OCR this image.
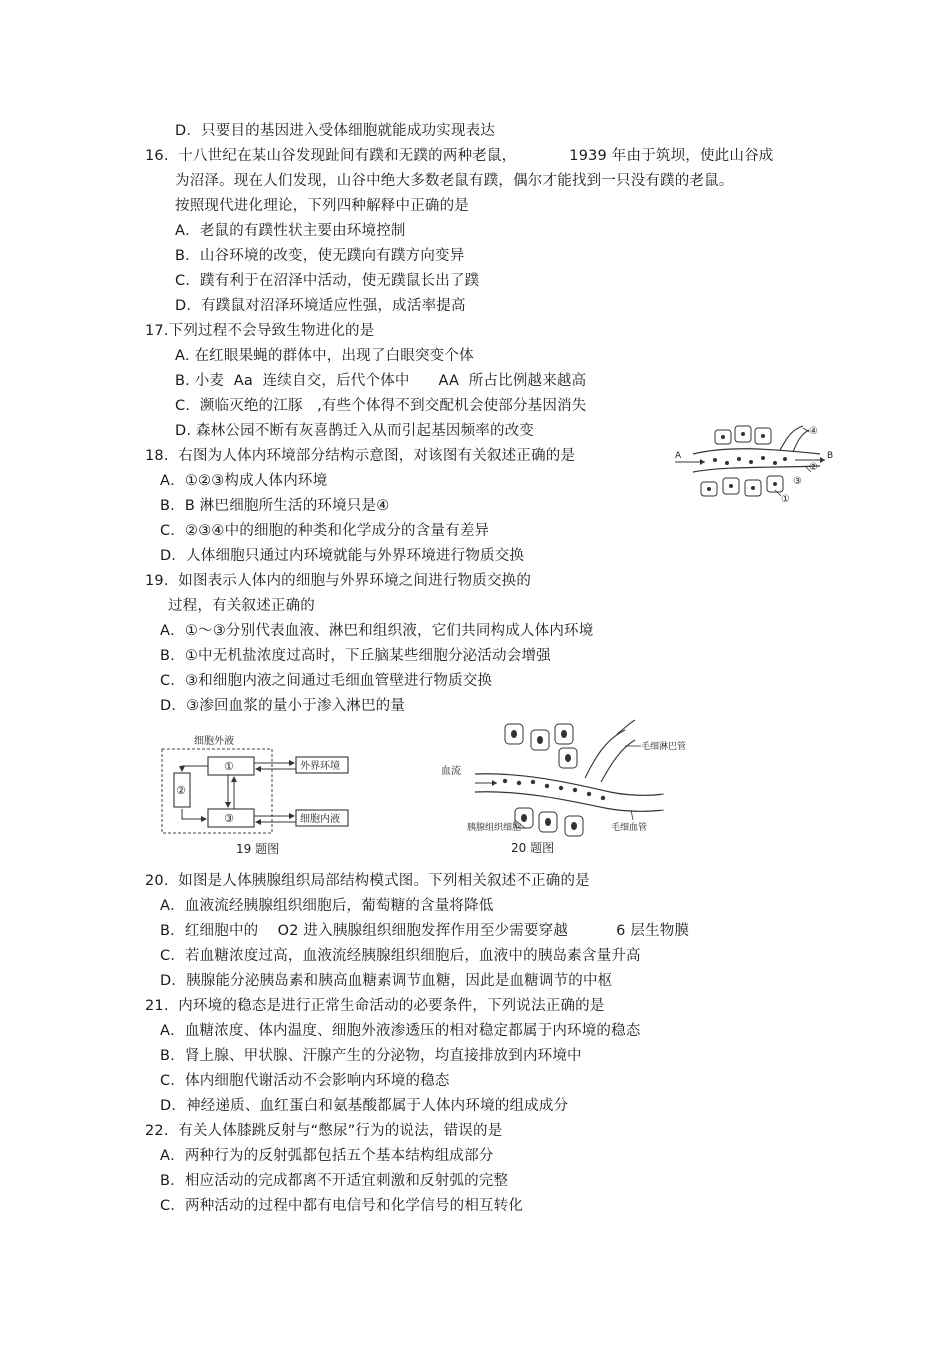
D．只要目的基因进入受体细胞就能成功实现表达
16.  十八世纪在某山谷发现趾间有蹼和无蹼的两种老鼠，           1939 年由于筑坝，使此山谷成
为沼泽。现在人们发现，山谷中绝大多数老鼠有蹼，偶尔才能找到一只没有蹼的老鼠。
按照现代进化理论，下列四种解释中正确的是
A．老鼠的有蹼性状主要由环境控制
B．山谷环境的改变，使无蹼向有蹼方向变异
C．蹼有利于在沼泽中活动，使无蹼鼠长出了蹼
D．有蹼鼠对沼泽环境适应性强，成活率提高
17.下列过程不会导致生物进化的是
A. 在红眼果蝇的群体中，出现了白眼突变个体
B. 小麦  Aa  连续自交，后代个体中      AA  所占比例越来越高
C.  濒临灭绝的江豚   ,有些个体得不到交配机会使部分基因消失
D. 森林公园不断有灰喜鹊迁入从而引起基因频率的改变
18.  右图为人体内环境部分结构示意图，对该图有关叙述正确的是
A．①②③构成人体内环境
B．B 淋巴细胞所生活的环境只是④
C．②③④中的细胞的种类和化学成分的含量有差异
D．人体细胞只通过内环境就能与外界环境进行物质交换
19.  如图表示人体内的细胞与外界环境之间进行物质交换的
过程，有关叙述正确的
A．①～③分别代表血液、淋巴和组织液，它们共同构成人体内环境
B．①中无机盐浓度过高时，下丘脑某些细胞分泌活动会增强
C．③和细胞内液之间通过毛细血管壁进行物质交换
D．③渗回血浆的量小于渗入淋巴的量
20.  如图是人体胰腺组织局部结构模式图。下列相关叙述不正确的是
A．血液流经胰腺组织细胞后，葡萄糖的含量将降低
B．红细胞中的    O2 进入胰腺组织细胞发挥作用至少需要穿越          6 层生物膜
C．若血糖浓度过高，血液流经胰腺组织细胞后，血液中的胰岛素含量升高
D．胰腺能分泌胰岛素和胰高血糖素调节血糖，因此是血糖调节的中枢
21.  内环境的稳态是进行正常生命活动的必要条件，下列说法正确的是
A．血糖浓度、体内温度、细胞外液渗透压的相对稳定都属于内环境的稳态
B．肾上腺、甲状腺、汗腺产生的分泌物，均直接排放到内环境中
C．体内细胞代谢活动不会影响内环境的稳态
D．神经递质、血红蛋白和氨基酸都属于人体内环境的组成成分
22.  有关人体膝跳反射与“憋尿”行为的说法，错误的是
A．两种行为的反射弧都包括五个基本结构组成部分
B．相应活动的完成都离不开适宜刺激和反射弧的完整
C．两种活动的过程中都有电信号和化学信号的相互转化
④
A	B
②
③
①
细胞外液
①
②
③
外界环境
细胞内液
19 题图
血流
毛细淋巴管
胰腺组织细胞	毛细血管
20 题图
